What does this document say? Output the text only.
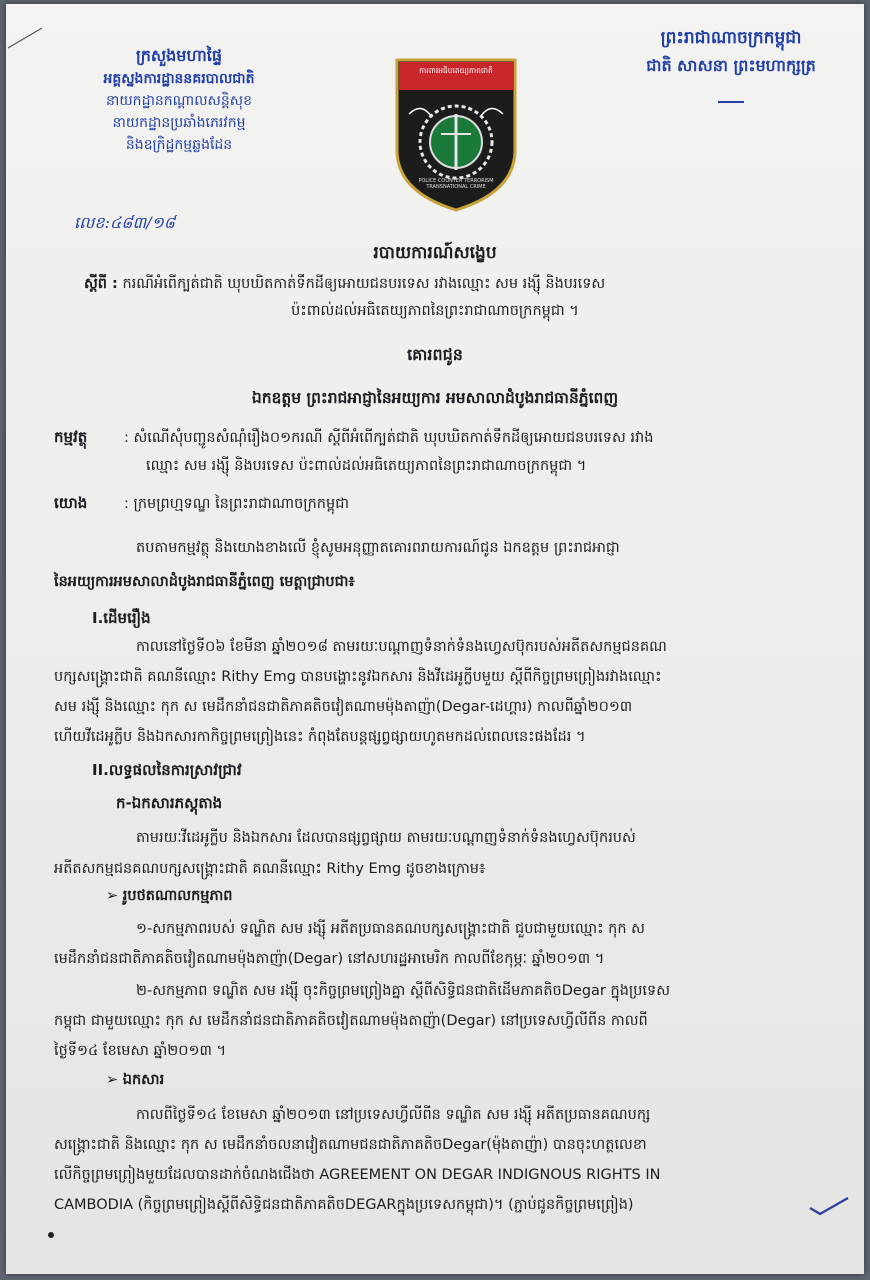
ក្រសួងមហាផ្ទៃ
អគ្គស្នងការដ្ឋាននគរបាលជាតិ
នាយកដ្ឋានកណ្តាលសន្តិសុខ
នាយកដ្ឋានប្រឆាំងភេរវកម្ម
និងឧក្រិដ្ឋកម្មឆ្លងដែន
លេខ:៤៨៣/១៨
ការពារអធិបតេយ្យភាពជាតិ
POLICE COUNTER TERRORISM TRANSNATIONAL CRIME
ព្រះរាជាណាចក្រកម្ពុជា
ជាតិ សាសនា ព្រះមហាក្សត្រ
របាយការណ៍សង្ខេប
ស្តីពី : ករណីអំពើក្បត់ជាតិ ឃុបឃិតកាត់ទឹកដីឲ្យអោយជនបរទេស រវាងឈ្មោះ សម រង្ស៊ី និងបរទេស
ប៉ះពាល់ដល់អធិតេយ្យភាពនៃព្រះរាជាណាចក្រកម្ពុជា ។
គោរពជូន
ឯកឧត្តម ព្រះរាជអាជ្ញានៃអយ្យការ អមសាលាដំបូងរាជធានីភ្នំពេញ
កម្មវត្ថុ	: សំណើសុំបញ្ជូនសំណុំរឿង០១ករណី ស្តីពីអំពើក្បត់ជាតិ ឃុបឃិតកាត់ទឹកដីឲ្យអោយជនបរទេស រវាង
ឈ្មោះ សម រង្ស៊ី និងបរទេស ប៉ះពាល់ដល់អធិតេយ្យភាពនៃព្រះរាជាណាចក្រកម្ពុជា ។
យោង	: ក្រមព្រហ្មទណ្ឌ នៃព្រះរាជាណាចក្រកម្ពុជា
តបតាមកម្មវត្ថុ និងយោងខាងលើ ខ្ញុំសូមអនុញ្ញាតគោរពរាយការណ៍ជូន ឯកឧត្តម ព្រះរាជអាជ្ញា
នៃអយ្យការអមសាលាដំបូងរាជធានីភ្នំពេញ មេត្តាជ្រាបជា៖
I.ដើមរឿង
កាលនៅថ្ងៃទី០៦ ខែមីនា ឆ្នាំ២០១៨ តាមរយៈបណ្តាញទំនាក់ទំនងហ្វេសប៊ុករបស់អតីតសកម្មជនគណ
បក្សសង្គ្រោះជាតិ គណនីឈ្មោះ Rithy Emg បានបង្ហោះនូវឯកសារ និងវីដេអូក្លីបមួយ ស្តីពីកិច្ចព្រមព្រៀងរវាងឈ្មោះ
សម រង្ស៊ី និងឈ្មោះ កុក ស មេដឹកនាំជនជាតិភាគតិចវៀតណាមម៉ុងតាញ៉ា(Degar-ដេហ្គារ) កាលពីឆ្នាំ២០១៣
ហើយវីដេអូក្លីប និងឯកសារកាកិច្ចព្រមព្រៀងនេះ កំពុងតែបន្តផ្សព្វផ្សាយហូតមកដល់ពេលនេះផងដែរ ។
II.លទ្ធផលនៃការស្រាវជ្រាវ
ក-ឯកសារភស្តុតាង
តាមរយៈវីដេអូក្លីប និងឯកសារ ដែលបានផ្សព្វផ្សាយ តាមរយៈបណ្តាញទំនាក់ទំនងហ្វេសប៊ុករបស់
អតីតសកម្មជនគណបក្សសង្គ្រោះជាតិ គណនីឈ្មោះ Rithy Emg ដូចខាងក្រោម៖
➢ រូបថតណាលកម្មភាព
១-សកម្មភាពរបស់ ទណ្ឌិត សម រង្ស៊ី អតីតប្រធានគណបក្សសង្គ្រោះជាតិ ជួបជាមួយឈ្មោះ កុក ស
មេដឹកនាំជនជាតិភាគតិចវៀតណាមម៉ុងតាញ៉ា(Degar) នៅសហរដ្ឋអាមេរិក កាលពីខែកុម្ភៈ ឆ្នាំ២០១៣ ។
២-សកម្មភាព ទណ្ឌិត សម រង្ស៊ី ចុះកិច្ចព្រមព្រៀងគ្នា ស្តីពីសិទ្ធិជនជាតិដើមភាគតិចDegar ក្នុងប្រទេស
កម្ពុជា ជាមួយឈ្មោះ កុក ស មេដឹកនាំជនជាតិភាគតិចវៀតណាមម៉ុងតាញ៉ា(Degar) នៅប្រទេសហ្វីលីពីន កាលពី
ថ្ងៃទី១៤ ខែមេសា ឆ្នាំ២០១៣ ។
➢ ឯកសារ
កាលពីថ្ងៃទី១៤ ខែមេសា ឆ្នាំ២០១៣ នៅប្រទេសហ្វីលីពីន ទណ្ឌិត សម រង្ស៊ី អតីតប្រធានគណបក្ស
សង្គ្រោះជាតិ និងឈ្មោះ កុក ស មេដឹកនាំចលនាវៀតណាមជនជាតិភាគតិចDegar(ម៉ុងតាញ៉ា) បានចុះហត្ថលេខា
លើកិច្ចព្រមព្រៀងមួយដែលបានដាក់ចំណងជើងថា AGREEMENT ON DEGAR INDIGNOUS RIGHTS IN
CAMBODIA (កិច្ចព្រមព្រៀងស្តីពីសិទ្ធិជនជាតិភាគតិចDEGARក្នុងប្រទេសកម្ពុជា)។ (ភ្ជាប់ជូនកិច្ចព្រមព្រៀង)
